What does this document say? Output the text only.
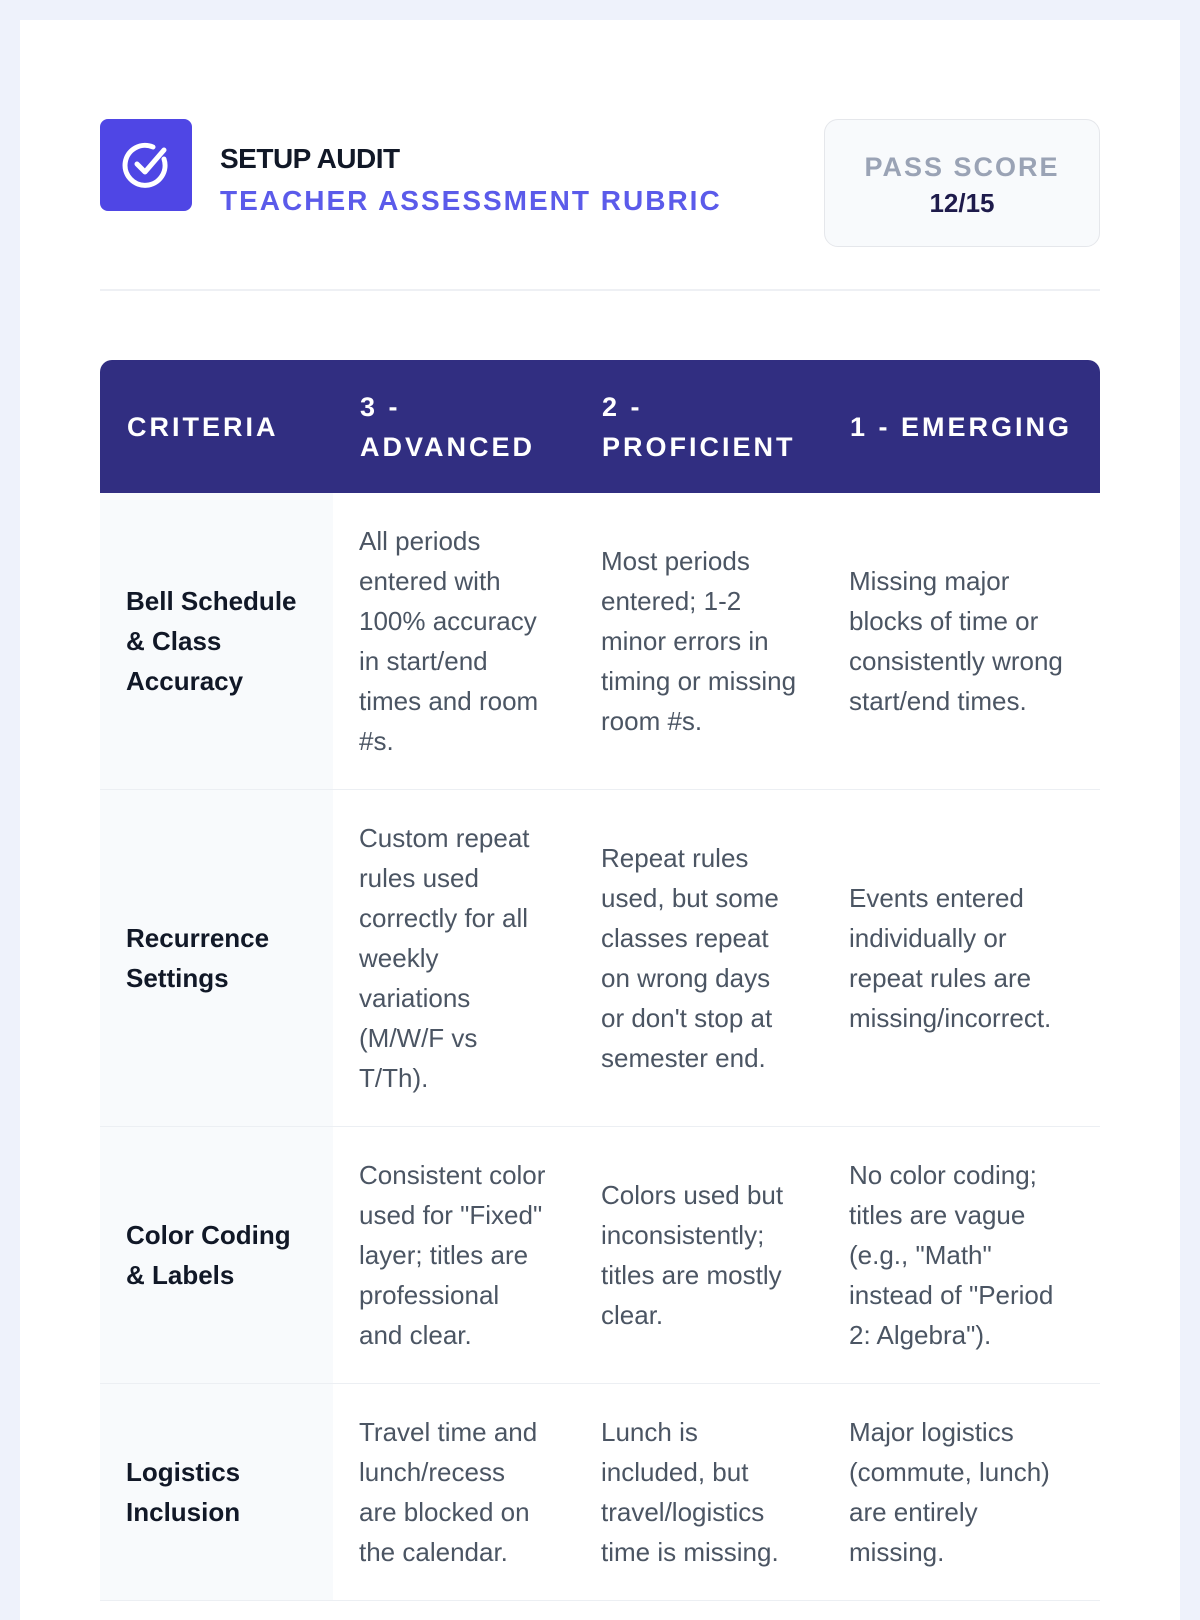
SETUP AUDIT
TEACHER ASSESSMENT RUBRIC
PASS SCORE
12/15
CRITERIA	3 - ADVANCED	2 - PROFICIENT	1 - EMERGING
Bell Schedule & Class Accuracy	All periods entered with 100% accuracy in start/end times and room #s.	Most periods entered; 1-2 minor errors in timing or missing room #s.	Missing major blocks of time or consistently wrong start/end times.
Recurrence Settings	Custom repeat rules used correctly for all weekly variations (M/W/F vs T/Th).	Repeat rules used, but some classes repeat on wrong days or don't stop at semester end.	Events entered individually or repeat rules are missing/incorrect.
Color Coding & Labels	Consistent color used for "Fixed" layer; titles are professional and clear.	Colors used but inconsistently; titles are mostly clear.	No color coding; titles are vague (e.g., "Math" instead of "Period 2: Algebra").
Logistics Inclusion	Travel time and lunch/recess are blocked on the calendar.	Lunch is included, but travel/logistics time is missing.	Major logistics (commute, lunch) are entirely missing.
